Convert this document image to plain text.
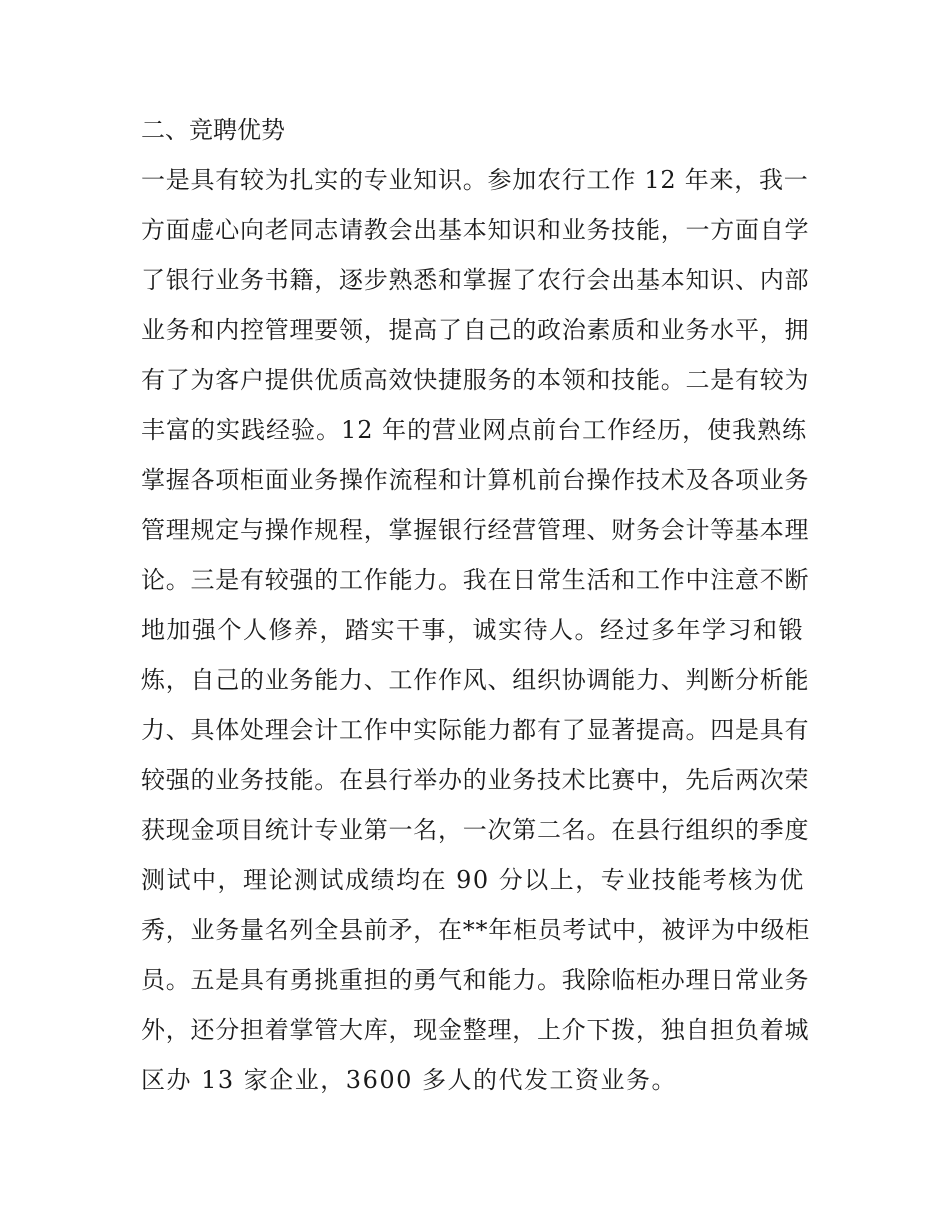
二、竞聘优势
一是具有较为扎实的专业知识。参加农行工作 12 年来，我一
方面虚心向老同志请教会出基本知识和业务技能，一方面自学
了银行业务书籍，逐步熟悉和掌握了农行会出基本知识、内部
业务和内控管理要领，提高了自己的政治素质和业务水平，拥
有了为客户提供优质高效快捷服务的本领和技能。二是有较为
丰富的实践经验。12 年的营业网点前台工作经历，使我熟练
掌握各项柜面业务操作流程和计算机前台操作技术及各项业务
管理规定与操作规程，掌握银行经营管理、财务会计等基本理
论。三是有较强的工作能力。我在日常生活和工作中注意不断
地加强个人修养，踏实干事，诚实待人。经过多年学习和锻
炼，自己的业务能力、工作作风、组织协调能力、判断分析能
力、具体处理会计工作中实际能力都有了显著提高。四是具有
较强的业务技能。在县行举办的业务技术比赛中，先后两次荣
获现金项目统计专业第一名，一次第二名。在县行组织的季度
测试中，理论测试成绩均在 90 分以上，专业技能考核为优
秀，业务量名列全县前矛，在**年柜员考试中，被评为中级柜
员。五是具有勇挑重担的勇气和能力。我除临柜办理日常业务
外，还分担着掌管大库，现金整理，上介下拨，独自担负着城
区办 13 家企业，3600 多人的代发工资业务。
